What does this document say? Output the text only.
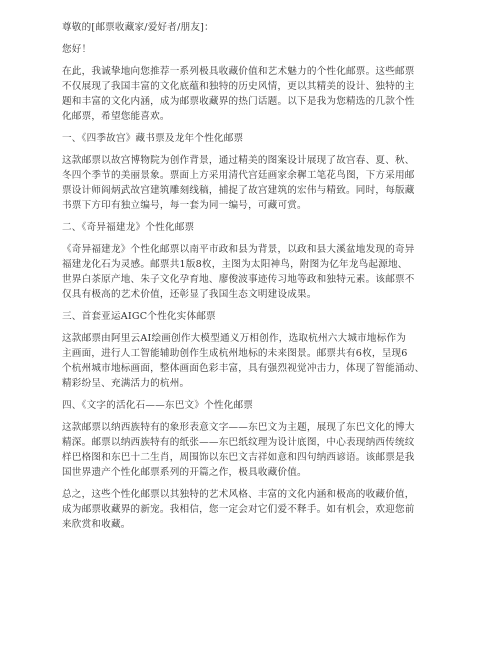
尊敬的[邮票收藏家/爱好者/朋友]：
您好！
在此，我诚挚地向您推荐一系列极具收藏价值和艺术魅力的个性化邮票。这些邮票
不仅展现了我国丰富的文化底蕴和独特的历史风情，更以其精美的设计、独特的主
题和丰富的文化内涵，成为邮票收藏界的热门话题。以下是我为您精选的几款个性
化邮票，希望您能喜欢。
一、《四季故宫》藏书票及龙年个性化邮票
这款邮票以故宫博物院为创作背景，通过精美的图案设计展现了故宫春、夏、秋、
冬四个季节的美丽景象。票面上方采用清代宫廷画家余穉工笔花鸟图，下方采用邮
票设计师阎炳武故宫建筑雕刻线稿，捕捉了故宫建筑的宏伟与精致。同时，每版藏
书票下方印有独立编号，每一套为同一编号，可藏可赏。
二、《奇异福建龙》个性化邮票
《奇异福建龙》个性化邮票以南平市政和县为背景，以政和县大溪盆地发现的奇异
福建龙化石为灵感。邮票共1版8枚，主图为太阳神鸟，附图为亿年龙鸟起源地、
世界白茶原产地、朱子文化孕育地、廖俊波事迹传习地等政和独特元素。该邮票不
仅具有极高的艺术价值，还彰显了我国生态文明建设成果。
三、首套亚运AIGC个性化实体邮票
这款邮票由阿里云AI绘画创作大模型通义万相创作，选取杭州六大城市地标作为
主画面，进行人工智能辅助创作生成杭州地标的未来图景。邮票共有6枚，呈现6
个杭州城市地标画面，整体画面色彩丰富，具有强烈视觉冲击力，体现了智能涌动、
精彩纷呈、充满活力的杭州。
四、《文字的活化石——东巴文》个性化邮票
这款邮票以纳西族特有的象形表意文字——东巴文为主题，展现了东巴文化的博大
精深。邮票以纳西族特有的纸张——东巴纸纹理为设计底图，中心表现纳西传统纹
样巴格图和东巴十二生肖，周围饰以东巴文吉祥如意和四句纳西谚语。该邮票是我
国世界遗产个性化邮票系列的开篇之作，极具收藏价值。
总之，这些个性化邮票以其独特的艺术风格、丰富的文化内涵和极高的收藏价值，
成为邮票收藏界的新宠。我相信，您一定会对它们爱不释手。如有机会，欢迎您前
来欣赏和收藏。
